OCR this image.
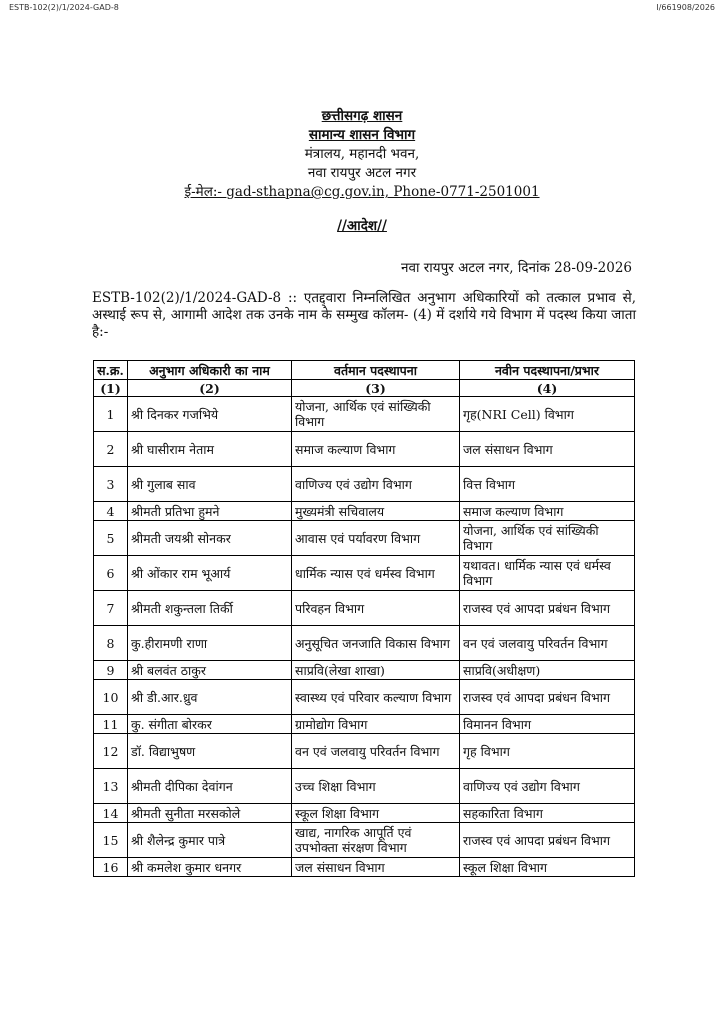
ESTB-102(2)/1/2024-GAD-8	I/661908/2026
छत्तीसगढ़ शासन
सामान्य शासन विभाग
मंत्रालय, महानदी भवन,
नवा रायपुर अटल नगर
ई-मेल:- gad-sthapna@cg.gov.in, Phone-0771-2501001
//आदेश//
नवा रायपुर अटल नगर, दिनांक 28-09-2026
ESTB-102(2)/1/2024-GAD-8 :: एतद्द्वारा निम्नलिखित अनुभाग अधिकारियों को तत्काल प्रभाव से, अस्थाई रूप से, आगामी आदेश तक उनके नाम के सम्मुख कॉलम- (4) में दर्शाये गये विभाग में पदस्थ किया जाता है:-
स.क्र.	अनुभाग अधिकारी का नाम	वर्तमान पदस्थापना	नवीन पदस्थापना/प्रभार
(1)	(2)	(3)	(4)
1	श्री दिनकर गजभिये	योजना, आर्थिक एवं सांख्यिकी विभाग	गृह(NRI Cell) विभाग
2	श्री घासीराम नेताम	समाज कल्याण विभाग	जल संसाधन विभाग
3	श्री गुलाब साव	वाणिज्य एवं उद्योग विभाग	वित्त विभाग
4	श्रीमती प्रतिभा हुमने	मुख्यमंत्री सचिवालय	समाज कल्याण विभाग
5	श्रीमती जयश्री सोनकर	आवास एवं पर्यावरण विभाग	योजना, आर्थिक एवं सांख्यिकी विभाग
6	श्री ओंकार राम भूआर्य	धार्मिक न्यास एवं धर्मस्व विभाग	यथावत। धार्मिक न्यास एवं धर्मस्व विभाग
7	श्रीमती शकुन्तला तिर्की	परिवहन विभाग	राजस्व एवं आपदा प्रबंधन विभाग
8	कु.हीरामणी राणा	अनुसूचित जनजाति विकास विभाग	वन एवं जलवायु परिवर्तन विभाग
9	श्री बलवंत ठाकुर	साप्रवि(लेखा शाखा)	साप्रवि(अधीक्षण)
10	श्री डी.आर.ध्रुव	स्वास्थ्य एवं परिवार कल्याण विभाग	राजस्व एवं आपदा प्रबंधन विभाग
11	कु. संगीता बोरकर	ग्रामोद्योग विभाग	विमानन विभाग
12	डॉ. विद्याभुषण	वन एवं जलवायु परिवर्तन विभाग	गृह विभाग
13	श्रीमती दीपिका देवांगन	उच्च शिक्षा विभाग	वाणिज्य एवं उद्योग विभाग
14	श्रीमती सुनीता मरसकोले	स्कूल शिक्षा विभाग	सहकारिता विभाग
15	श्री शैलेन्द्र कुमार पात्रे	खाद्य, नागरिक आपूर्ति एवं उपभोक्ता संरक्षण विभाग	राजस्व एवं आपदा प्रबंधन विभाग
16	श्री कमलेश कुमार धनगर	जल संसाधन विभाग	स्कूल शिक्षा विभाग
